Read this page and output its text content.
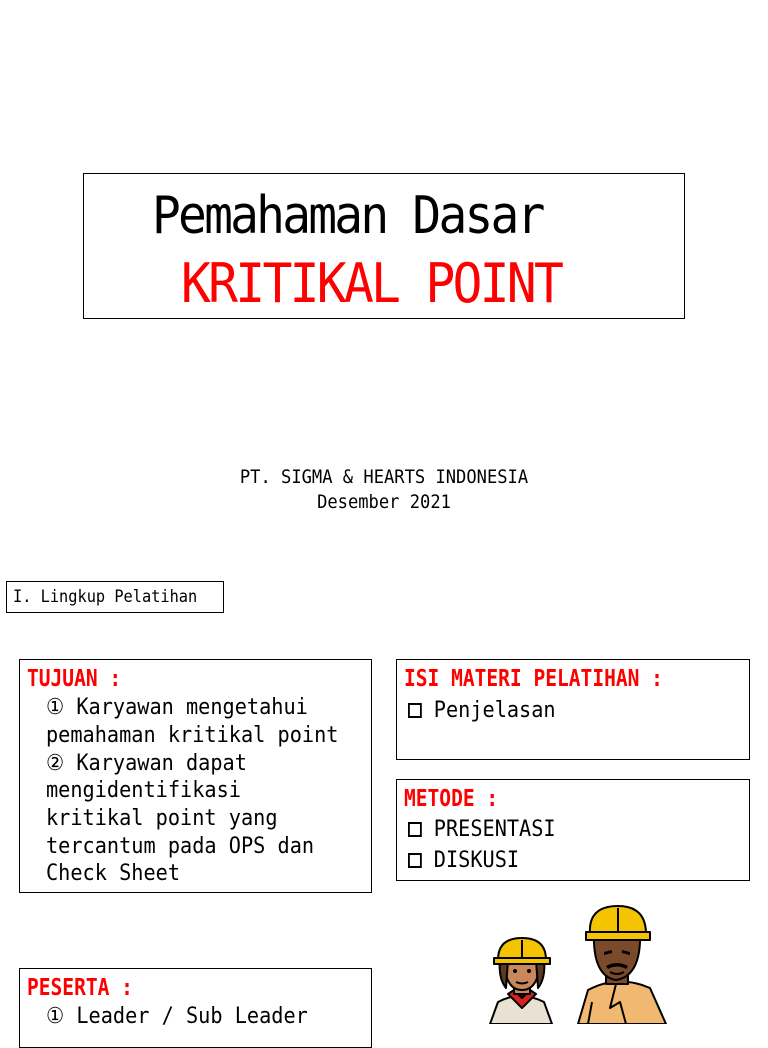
Pemahaman Dasar
KRITIKAL POINT
PT. SIGMA & HEARTS INDONESIA
Desember 2021
I. Lingkup Pelatihan
TUJUAN :
① Karyawan mengetahui
pemahaman kritikal point
② Karyawan dapat
mengidentifikasi
kritikal point yang
tercantum pada OPS dan
Check Sheet
ISI MATERI PELATIHAN :
Penjelasan
METODE :
PRESENTASI
DISKUSI
PESERTA :
① Leader / Sub Leader
